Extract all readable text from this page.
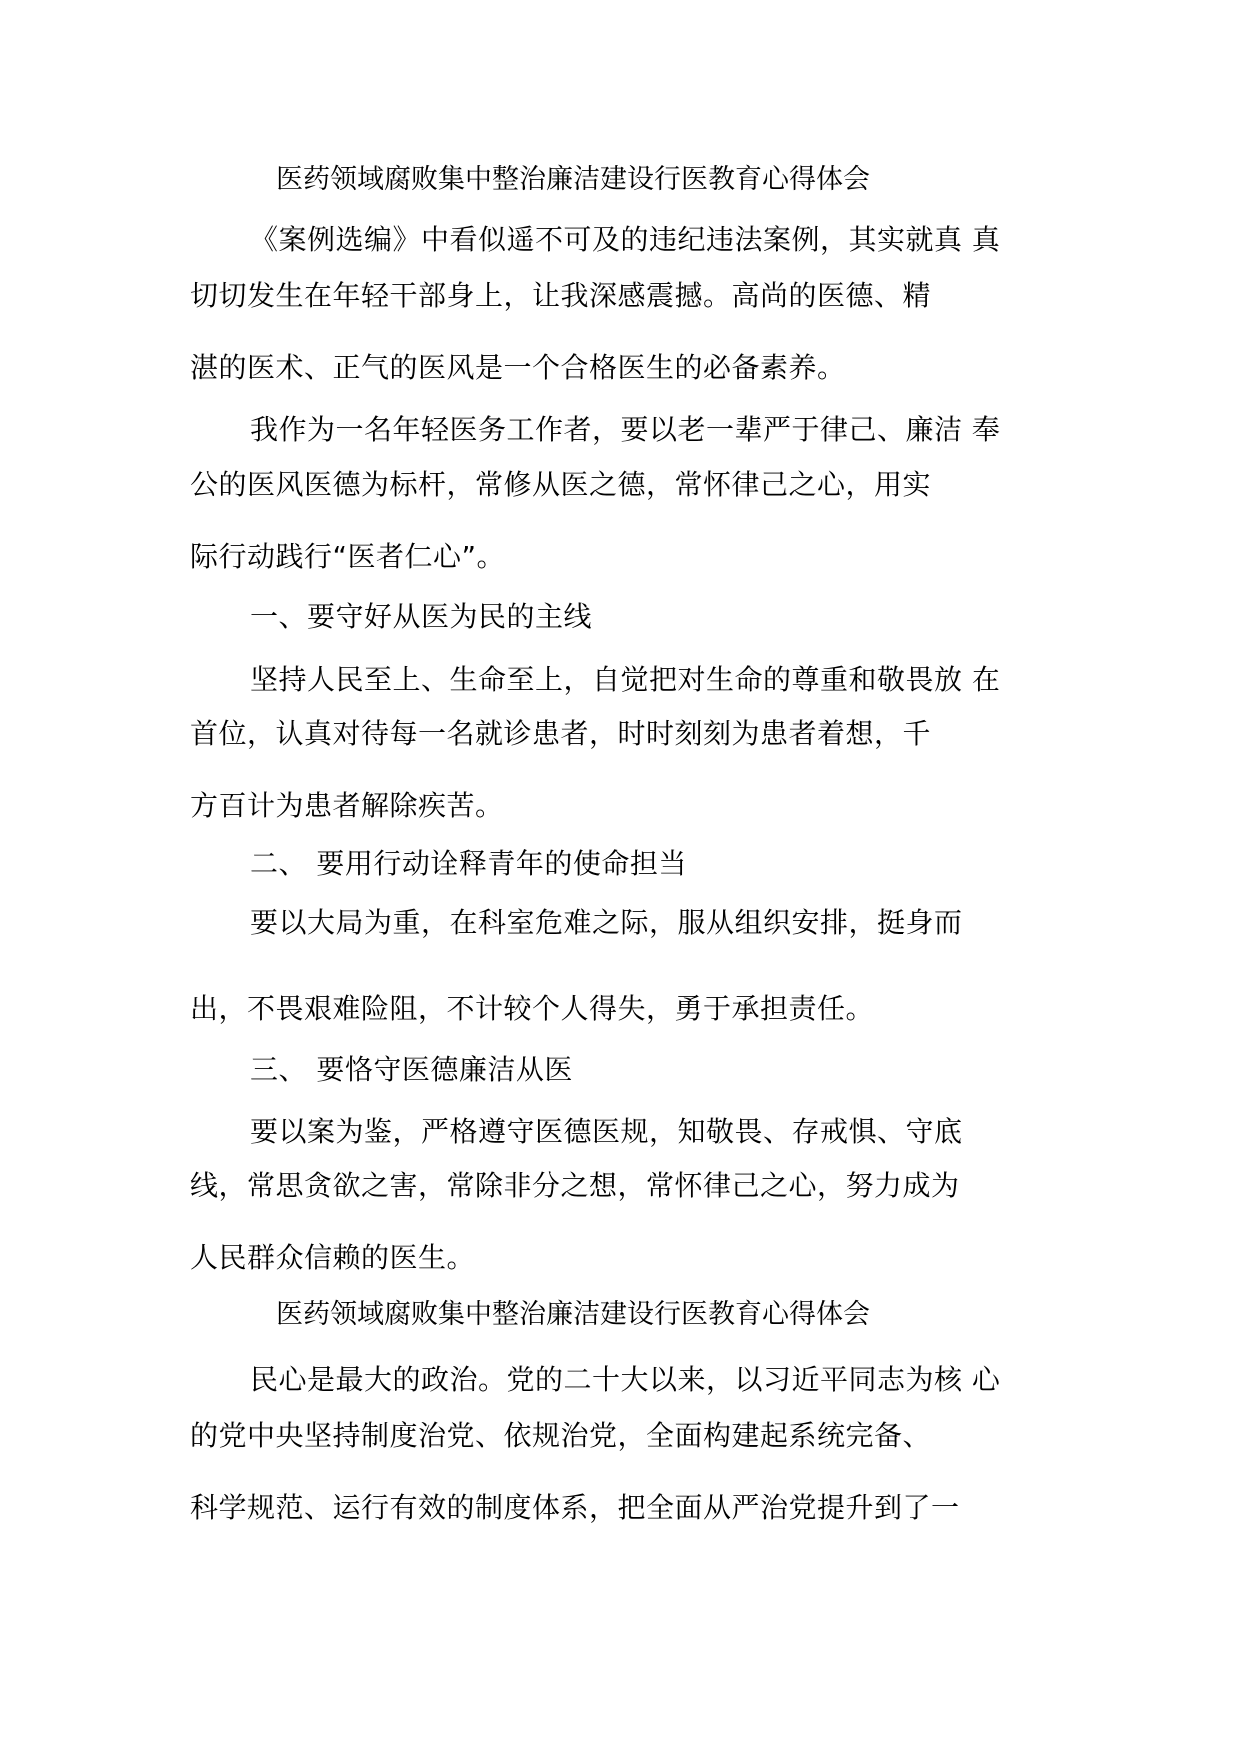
医药领域腐败集中整治廉洁建设行医教育心得体会

《案例选编》中看似遥不可及的违纪违法案例，其实就真 真

切切发生在年轻干部身上，让我深感震撼。高尚的医德、精

湛的医术、正气的医风是一个合格医生的必备素养。

我作为一名年轻医务工作者，要以老一辈严于律己、廉洁 奉

公的医风医德为标杆，常修从医之德，常怀律己之心，用实

际行动践行“医者仁心”。

一、要守好从医为民的主线

坚持人民至上、生命至上，自觉把对生命的尊重和敬畏放 在

首位，认真对待每一名就诊患者，时时刻刻为患者着想，千

方百计为患者解除疾苦。

二、 要用行动诠释青年的使命担当

要以大局为重，在科室危难之际，服从组织安排，挺身而

出，不畏艰难险阻，不计较个人得失，勇于承担责任。

三、 要恪守医德廉洁从医

要以案为鉴，严格遵守医德医规，知敬畏、存戒惧、守底

线，常思贪欲之害，常除非分之想，常怀律己之心，努力成为

人民群众信赖的医生。

医药领域腐败集中整治廉洁建设行医教育心得体会

民心是最大的政治。党的二十大以来，以习近平同志为核 心

的党中央坚持制度治党、依规治党，全面构建起系统完备、

科学规范、运行有效的制度体系，把全面从严治党提升到了一
